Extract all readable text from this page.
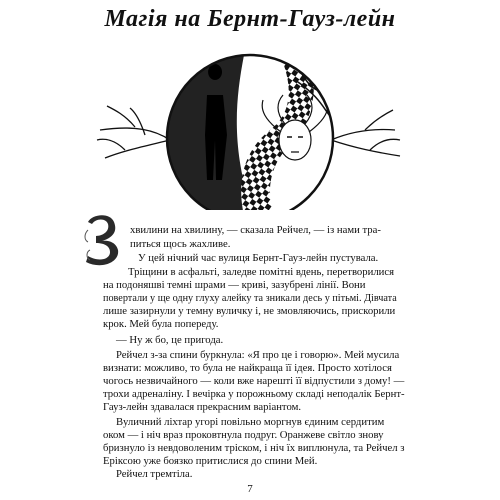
Магія на Бернт-Гауз-лейн

хвилини на хвилину, — сказала Рейчел, — із нами тра-

питься щось жахливе.

У цей нічний час вулиця Бернт-Гауз-лейн пустувала.

Тріщини в асфальті, заледве помітні вдень, перетворилися

на подоняшві темні шрами — криві, зазубрені лінії. Вони

повертали у ще одну глуху алейку та зникали десь у пітьмі. Дівчата

лише зазирнули у темну вуличку і, не змовляючись, прискорили

крок. Мей була попереду.

— Ну ж бо, це пригода.

Рейчел з-за спини буркнула: «Я про це і говорю». Мей мусила

визнати: можливо, то була не найкраща її ідея. Просто хотілося

чогось незвичайного — коли вже нарешті її відпустили з дому! —

трохи адреналіну. І вечірка у порожньому складі неподалік Бернт-

Гауз-лейн здавалася прекрасним варіантом.

Вуличний ліхтар угорі повільно моргнув єдиним сердитим

оком — і ніч враз проковтнула подруг. Оранжеве світло знову

бризнуло із невдоволеним тріском, і ніч їх виплюнула, та Рейчел з

Еріксою уже боязко притислися до спини Мей.

Рейчел тремтіла.

7
